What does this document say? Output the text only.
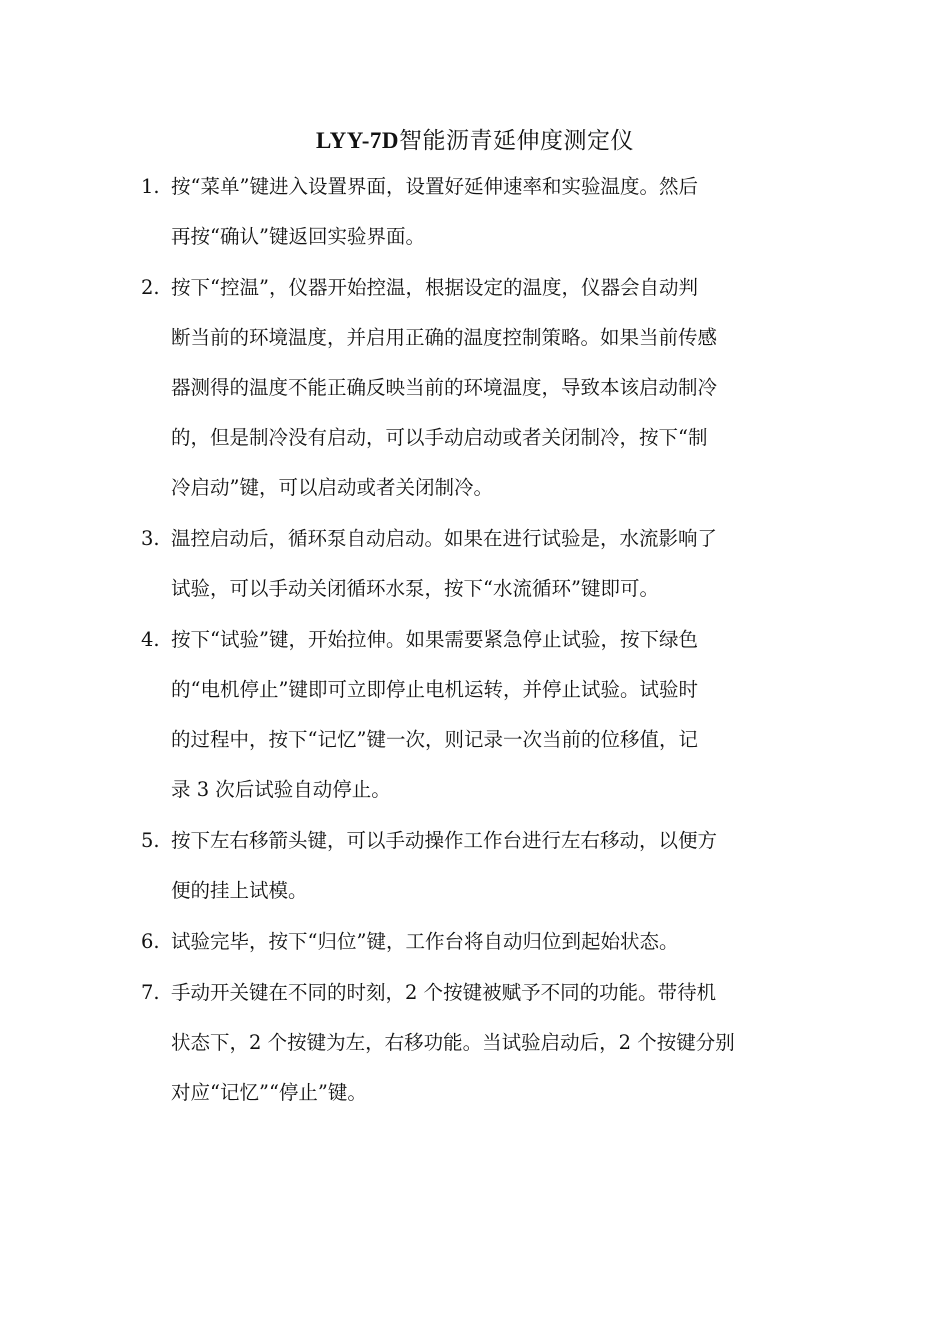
LYY-7D智能沥青延伸度测定仪
1. 按“菜单”键进入设置界面，设置好延伸速率和实验温度。然后
再按“确认”键返回实验界面。
2. 按下“控温”，仪器开始控温，根据设定的温度，仪器会自动判
断当前的环境温度，并启用正确的温度控制策略。如果当前传感
器测得的温度不能正确反映当前的环境温度，导致本该启动制冷
的，但是制冷没有启动，可以手动启动或者关闭制冷，按下“制
冷启动”键，可以启动或者关闭制冷。
3. 温控启动后，循环泵自动启动。如果在进行试验是，水流影响了
试验，可以手动关闭循环水泵，按下“水流循环”键即可。
4. 按下“试验”键，开始拉伸。如果需要紧急停止试验，按下绿色
的“电机停止”键即可立即停止电机运转，并停止试验。试验时
的过程中，按下“记忆”键一次，则记录一次当前的位移值，记
录 3 次后试验自动停止。
5. 按下左右移箭头键，可以手动操作工作台进行左右移动，以便方
便的挂上试模。
6. 试验完毕，按下“归位”键，工作台将自动归位到起始状态。
7. 手动开关键在不同的时刻，2 个按键被赋予不同的功能。带待机
状态下，2 个按键为左，右移功能。当试验启动后，2 个按键分别
对应“记忆”“停止”键。
